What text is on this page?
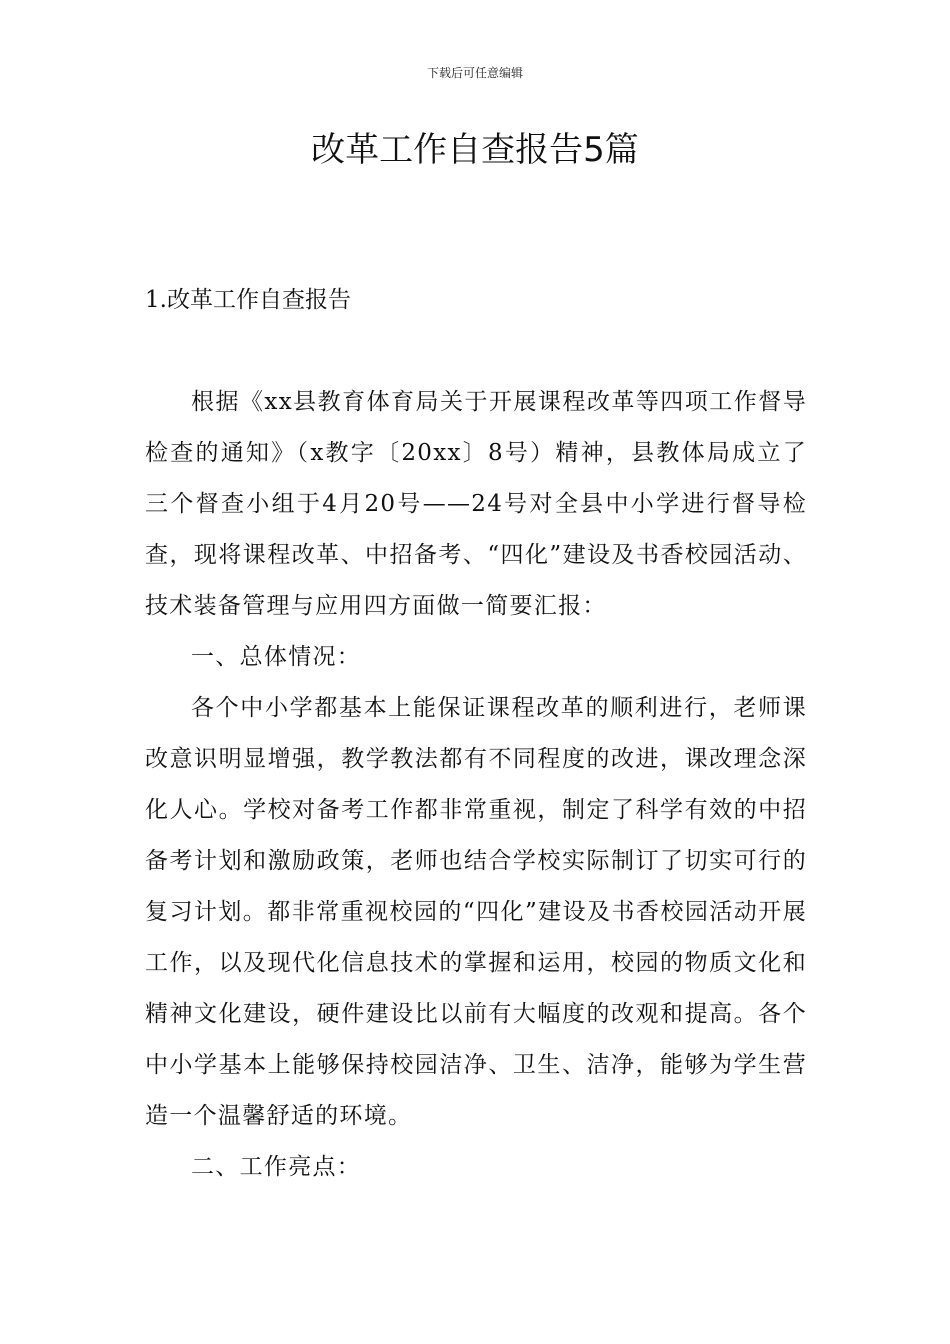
下载后可任意编辑
改革工作自查报告5篇
1.改革工作自查报告

根据《xx县教育体育局关于开展课程改革等四项工作督导检查的通知》（x教字〔20xx〕8号）精神，县教体局成立了三个督查小组于4月20号——24号对全县中小学进行督导检查，现将课程改革、中招备考、“四化”建设及书香校园活动、技术装备管理与应用四方面做一简要汇报：

一、总体情况：

各个中小学都基本上能保证课程改革的顺利进行，老师课改意识明显增强，教学教法都有不同程度的改进，课改理念深化人心。学校对备考工作都非常重视，制定了科学有效的中招备考计划和激励政策，老师也结合学校实际制订了切实可行的复习计划。都非常重视校园的“四化”建设及书香校园活动开展工作，以及现代化信息技术的掌握和运用，校园的物质文化和精神文化建设，硬件建设比以前有大幅度的改观和提高。各个中小学基本上能够保持校园洁净、卫生、洁净，能够为学生营造一个温馨舒适的环境。

二、工作亮点：
